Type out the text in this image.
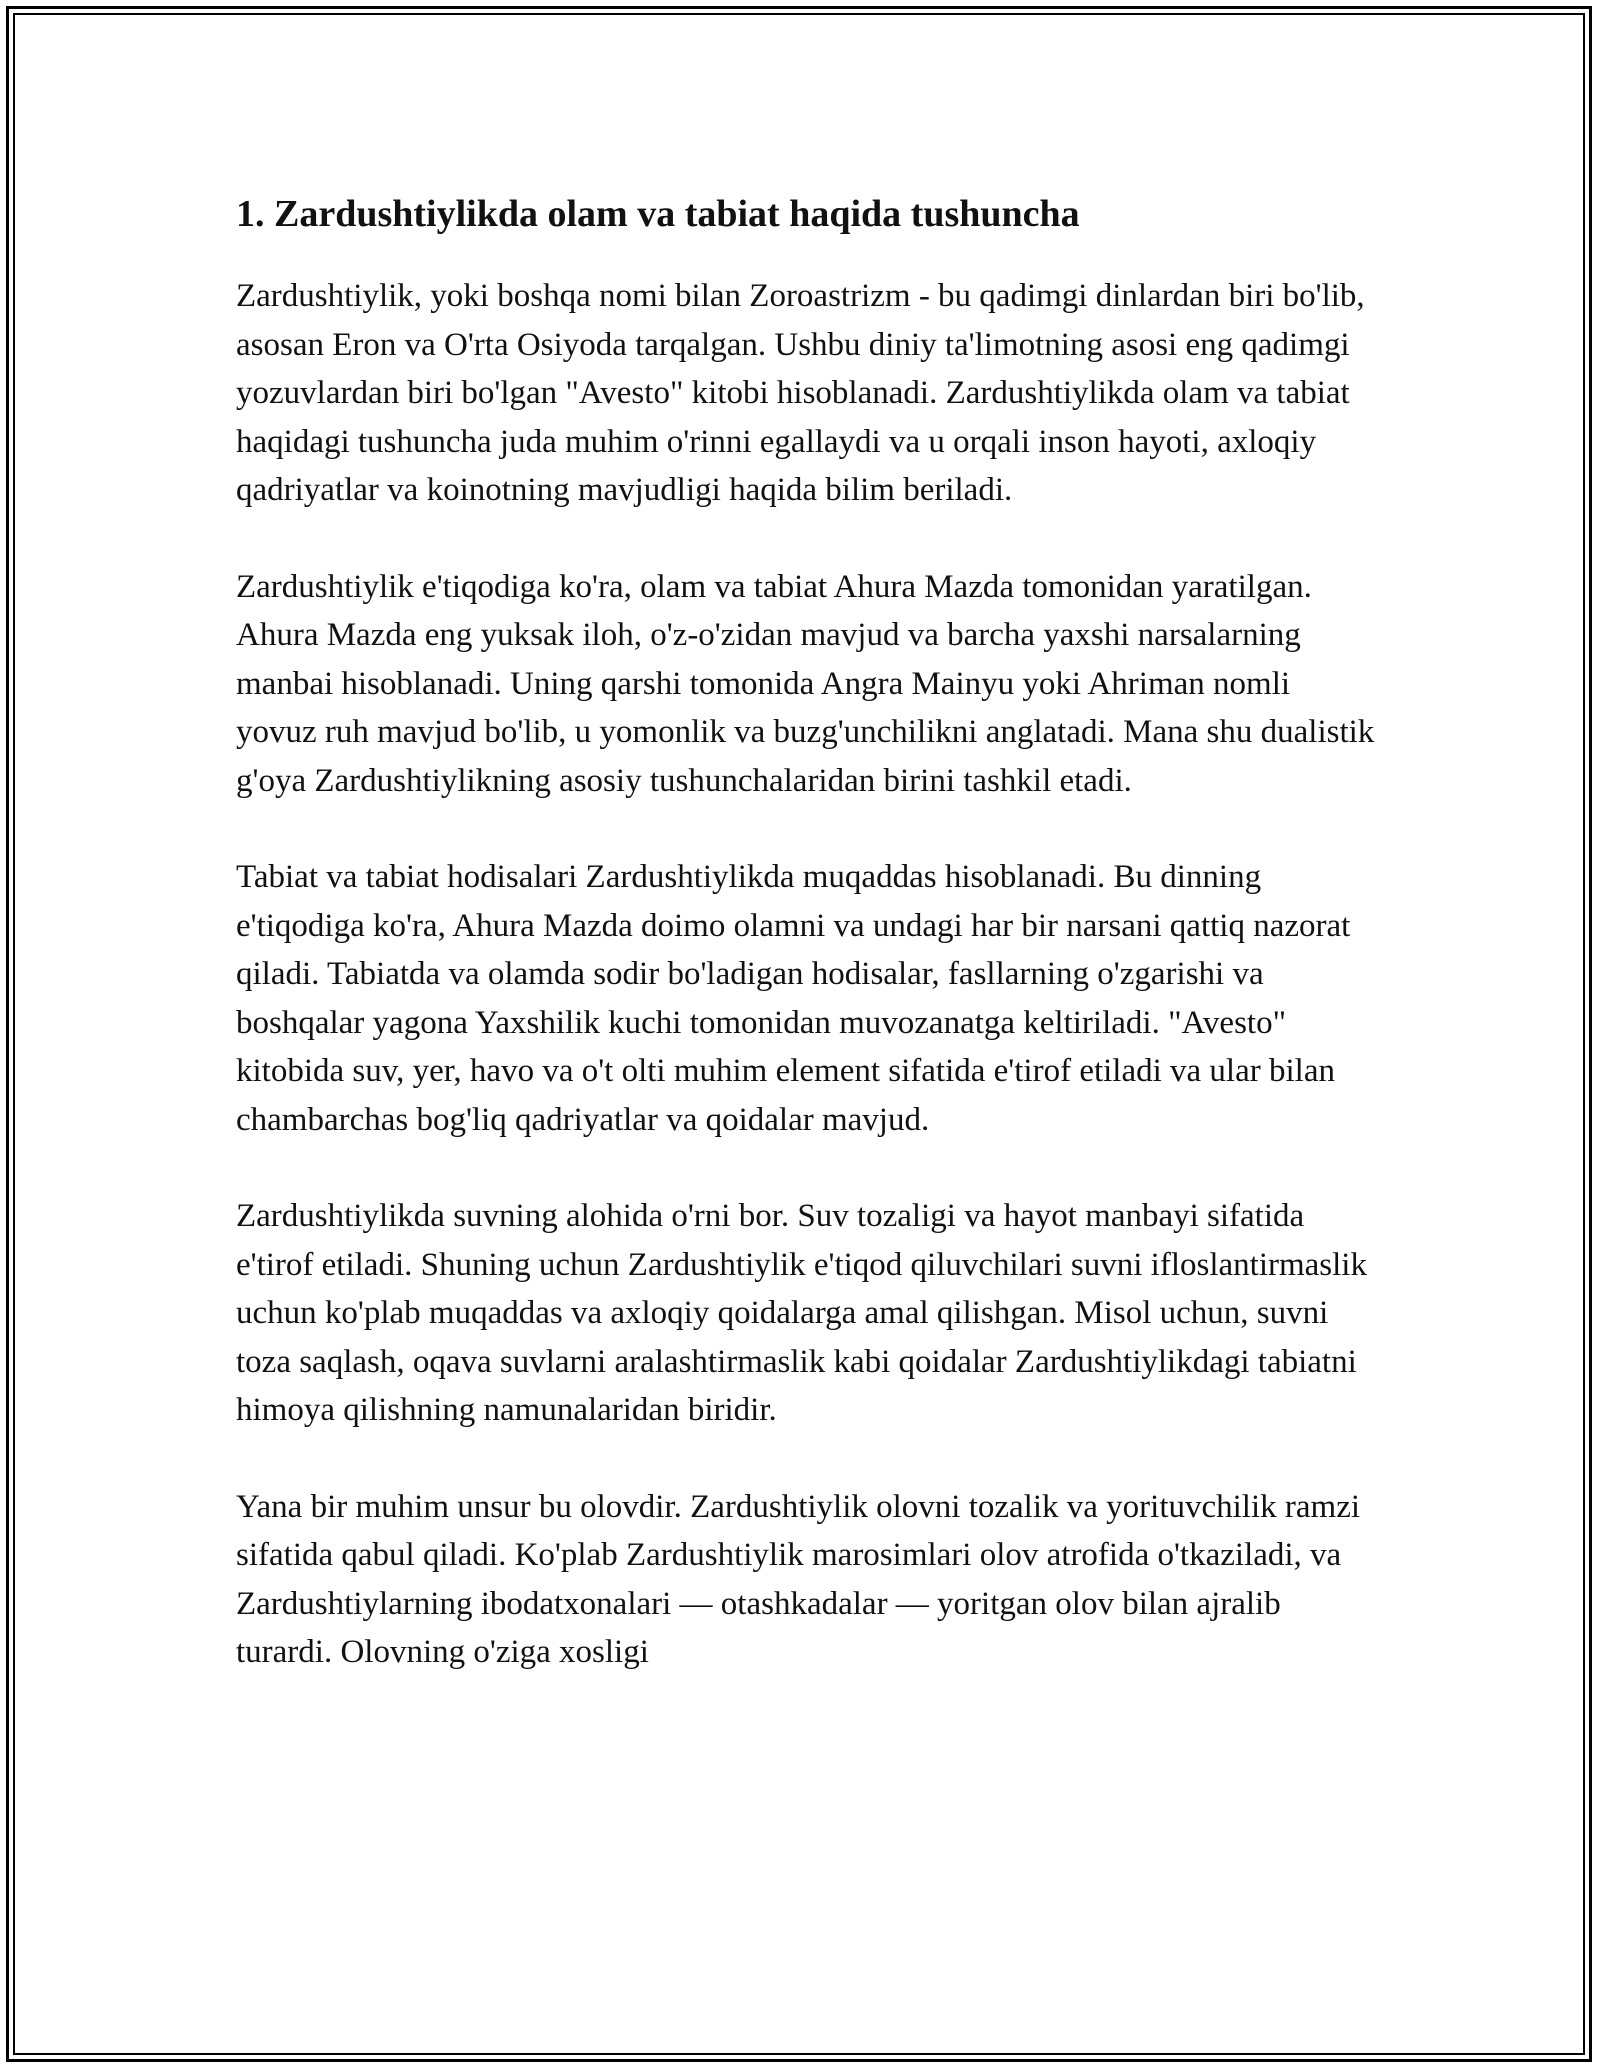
1. Zardushtiylikda olam va tabiat haqida tushuncha

Zardushtiylik, yoki boshqa nomi bilan Zoroastrizm - bu qadimgi dinlardan biri bo'lib, asosan Eron va O'rta Osiyoda tarqalgan. Ushbu diniy ta'limotning asosi eng qadimgi yozuvlardan biri bo'lgan "Avesto" kitobi hisoblanadi. Zardushtiylikda olam va tabiat haqidagi tushuncha juda muhim o'rinni egallaydi va u orqali inson hayoti, axloqiy qadriyatlar va koinotning mavjudligi haqida bilim beriladi.

Zardushtiylik e'tiqodiga ko'ra, olam va tabiat Ahura Mazda tomonidan yaratilgan. Ahura Mazda eng yuksak iloh, o'z-o'zidan mavjud va barcha yaxshi narsalarning manbai hisoblanadi. Uning qarshi tomonida Angra Mainyu yoki Ahriman nomli yovuz ruh mavjud bo'lib, u yomonlik va buzg'unchilikni anglatadi. Mana shu dualistik g'oya Zardushtiylikning asosiy tushunchalaridan birini tashkil etadi.

Tabiat va tabiat hodisalari Zardushtiylikda muqaddas hisoblanadi. Bu dinning e'tiqodiga ko'ra, Ahura Mazda doimo olamni va undagi har bir narsani qattiq nazorat qiladi. Tabiatda va olamda sodir bo'ladigan hodisalar, fasllarning o'zgarishi va boshqalar yagona Yaxshilik kuchi tomonidan muvozanatga keltiriladi. "Avesto" kitobida suv, yer, havo va o't olti muhim element sifatida e'tirof etiladi va ular bilan chambarchas bog'liq qadriyatlar va qoidalar mavjud.

Zardushtiylikda suvning alohida o'rni bor. Suv tozaligi va hayot manbayi sifatida e'tirof etiladi. Shuning uchun Zardushtiylik e'tiqod qiluvchilari suvni ifloslantirmaslik uchun ko'plab muqaddas va axloqiy qoidalarga amal qilishgan. Misol uchun, suvni toza saqlash, oqava suvlarni aralashtirmaslik kabi qoidalar Zardushtiylikdagi tabiatni himoya qilishning namunalaridan biridir.

Yana bir muhim unsur bu olovdir. Zardushtiylik olovni tozalik va yorituvchilik ramzi sifatida qabul qiladi. Ko'plab Zardushtiylik marosimlari olov atrofida o'tkaziladi, va Zardushtiylarning ibodatxonalari — otashkadalar — yoritgan olov bilan ajralib turardi. Olovning o'ziga xosligi
